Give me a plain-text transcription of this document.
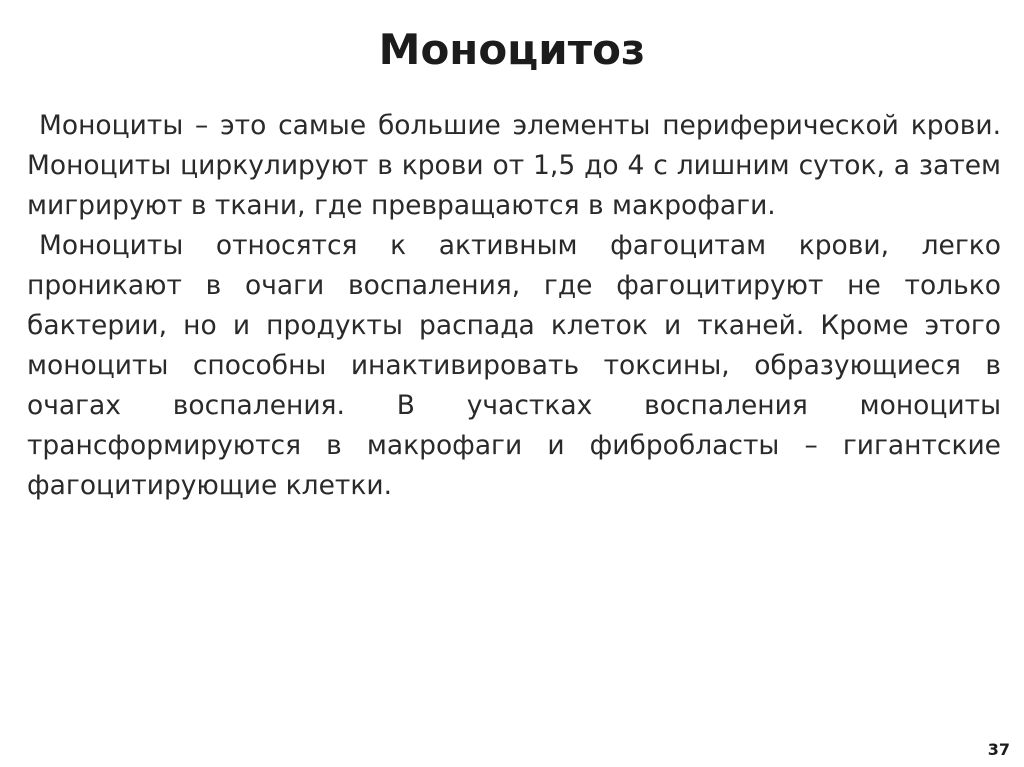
Моноцитоз

Моноциты – это самые большие элементы периферической крови. Моноциты циркулируют в крови от 1,5 до 4 с лишним суток, а затем мигрируют в ткани, где превращаются в макрофаги.

Моноциты относятся к активным фагоцитам крови, легко проникают в очаги воспаления, где фагоцитируют не только бактерии, но и продукты распада клеток и тканей. Кроме этого моноциты способны инактивировать токсины, образующиеся в очагах воспаления. В участках воспаления моноциты трансформируются в макрофаги и фибробласты – гигантские фагоцитирующие клетки.

37
